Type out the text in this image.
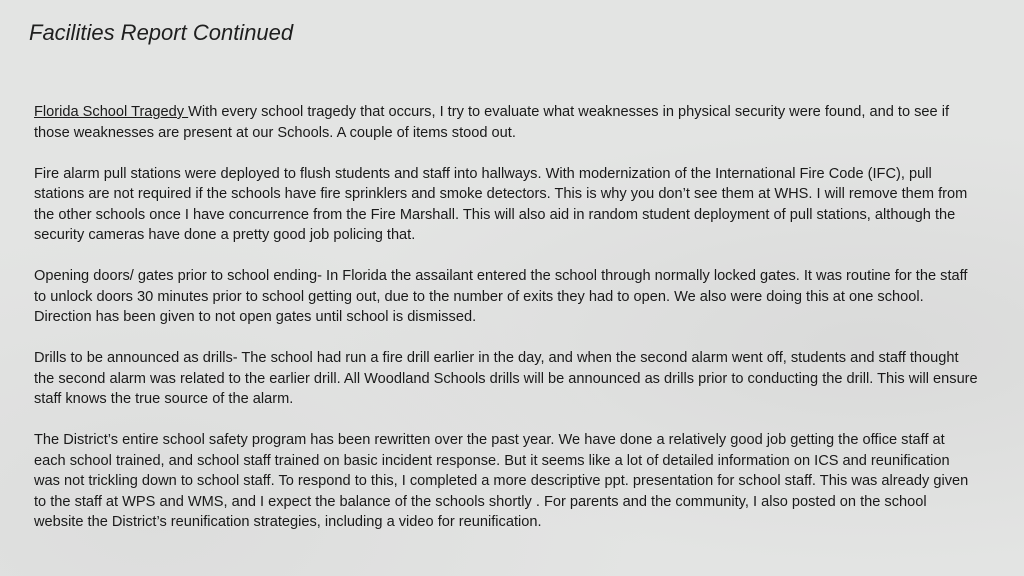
Facilities Report Continued

Florida School Tragedy With every school tragedy that occurs, I try to evaluate what weaknesses in physical security were found, and to see if those weaknesses are present at our Schools. A couple of items stood out.

Fire alarm pull stations were deployed to flush students and staff into hallways. With modernization of the International Fire Code (IFC), pull stations are not required if the schools have fire sprinklers and smoke detectors. This is why you don’t see them at WHS. I will remove them from the other schools once I have concurrence from the Fire Marshall. This will also aid in random student deployment of pull stations, although the security cameras have done a pretty good job policing that.

Opening doors/ gates prior to school ending- In Florida the assailant entered the school through normally locked gates. It was routine for the staff to unlock doors 30 minutes prior to school getting out, due to the number of exits they had to open. We also were doing this at one school. Direction has been given to not open gates until school is dismissed.

Drills to be announced as drills- The school had run a fire drill earlier in the day, and when the second alarm went off, students and staff thought the second alarm was related to the earlier drill. All Woodland Schools drills will be announced as drills prior to conducting the drill. This will ensure staff knows the true source of the alarm.

The District’s entire school safety program has been rewritten over the past year. We have done a relatively good job getting the office staff at each school trained, and school staff trained on basic incident response. But it seems like a lot of detailed information on ICS and reunification was not trickling down to school staff. To respond to this, I completed a more descriptive ppt. presentation for school staff. This was already given to the staff at WPS and WMS, and I expect the balance of the schools shortly . For parents and the community, I also posted on the school website the District’s reunification strategies, including a video for reunification.
